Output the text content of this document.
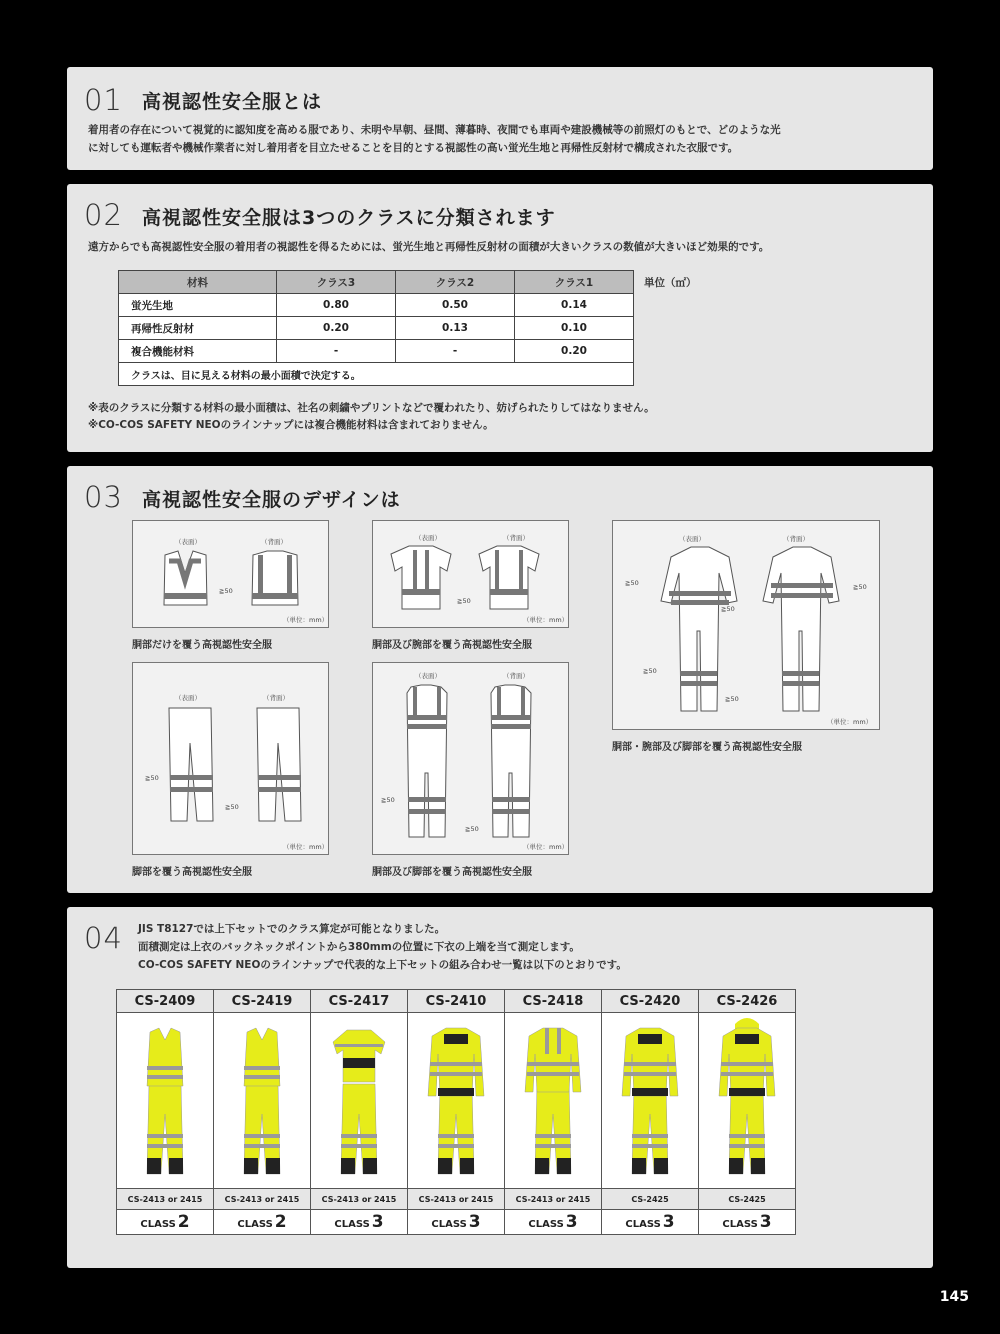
01 高視認性安全服とは
着用者の存在について視覚的に認知度を高める服であり、未明や早朝、昼間、薄暮時、夜間でも車両や建設機械等の前照灯のもとで、どのような光
に対しても運転者や機械作業者に対し着用者を目立たせることを目的とする視認性の高い蛍光生地と再帰性反射材で構成された衣服です。
02 高視認性安全服は3つのクラスに分類されます
遠方からでも高視認性安全服の着用者の視認性を得るためには、蛍光生地と再帰性反射材の面積が大きいクラスの数値が大きいほど効果的です。
材料	クラス3	クラス2	クラス1
蛍光生地	0.80	0.50	0.14
再帰性反射材	0.20	0.13	0.10
複合機能材料	-	-	0.20
クラスは、目に見える材料の最小面積で決定する。			
単位（㎡）
※表のクラスに分類する材料の最小面積は、社名の刺繍やプリントなどで覆われたり、妨げられたりしてはなりません。
※CO-COS SAFETY NEOのラインナップには複合機能材料は含まれておりません。
03 高視認性安全服のデザインは
（表面）	（背面）
≧50
（単位：mm）
胴部だけを覆う高視認性安全服
（表面）	（背面）
≧50
（単位：mm）
胴部及び腕部を覆う高視認性安全服
（表面）	（背面）
≧50	≧50
≧50
≧50
≧50
（単位：mm）
胴部・腕部及び脚部を覆う高視認性安全服
（表面）	（背面）
≧50
≧50
（単位：mm）
脚部を覆う高視認性安全服
（表面）	（背面）
≧50
≧50
（単位：mm）
胴部及び脚部を覆う高視認性安全服
04 JIS T8127では上下セットでのクラス算定が可能となりました。
面積測定は上衣のバックネックポイントから380mmの位置に下衣の上端を当て測定します。
CO-COS SAFETY NEOのラインナップで代表的な上下セットの組み合わせ一覧は以下のとおりです。
CS-2409	CS-2419	CS-2417	CS-2410	CS-2418	CS-2420	CS-2426

CS-2413 or 2415	CS-2413 or 2415	CS-2413 or 2415	CS-2413 or 2415	CS-2413 or 2415	CS-2425	CS-2425
CLASS 2	CLASS 2	CLASS 3	CLASS 3	CLASS 3	CLASS 3	CLASS 3
145
